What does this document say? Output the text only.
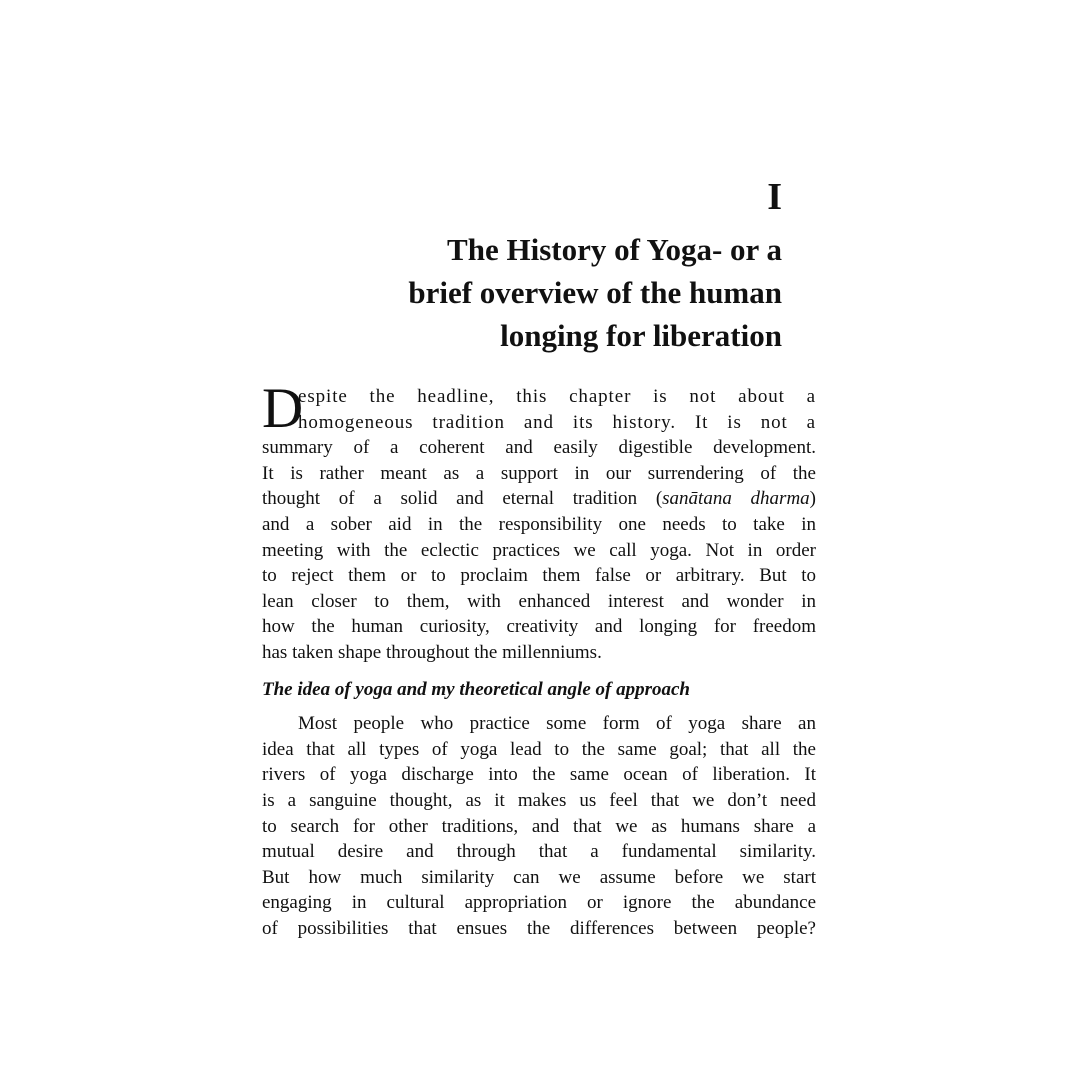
I
The History of Yoga- or a
brief overview of the human
longing for liberation
D
espite the headline, this chapter is not about a
homogeneous tradition and its history. It is not a
summary of a coherent and easily digestible development.
It is rather meant as a support in our surrendering of the
thought of a solid and eternal tradition (sanātana dharma)
and a sober aid in the responsibility one needs to take in
meeting with the eclectic practices we call yoga. Not in order
to reject them or to proclaim them false or arbitrary. But to
lean closer to them, with enhanced interest and wonder in
how the human curiosity, creativity and longing for freedom
has taken shape throughout the millenniums.
The idea of yoga and my theoretical angle of approach
Most people who practice some form of yoga share an
idea that all types of yoga lead to the same goal; that all the
rivers of yoga discharge into the same ocean of liberation. It
is a sanguine thought, as it makes us feel that we don’t need
to search for other traditions, and that we as humans share a
mutual desire and through that a fundamental similarity.
But how much similarity can we assume before we start
engaging in cultural appropriation or ignore the abundance
of possibilities that ensues the differences between people?
